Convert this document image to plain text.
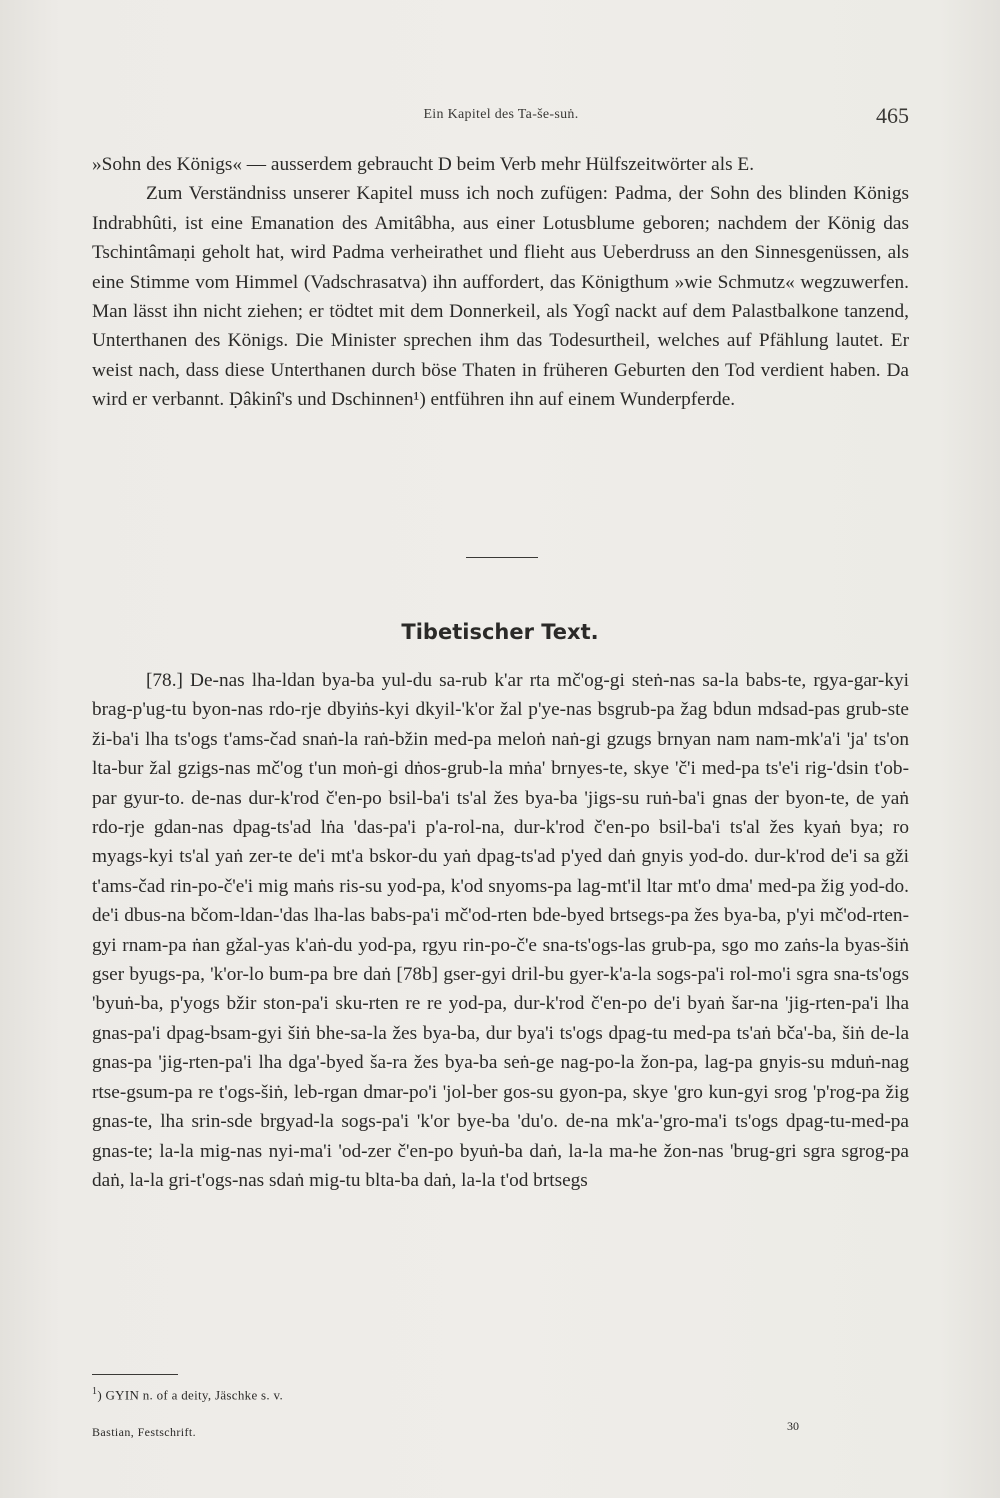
Ein Kapitel des Ta-še-suṅ.	465

»Sohn des Königs« — ausserdem gebraucht D beim Verb mehr Hülfszeitwörter als E.

Zum Verständniss unserer Kapitel muss ich noch zufügen: Padma, der Sohn des blinden Königs Indrabhûti, ist eine Emanation des Amitâbha, aus einer Lotusblume geboren; nachdem der König das Tschintâmaṇi geholt hat, wird Padma verheirathet und flieht aus Ueberdruss an den Sinnesgenüssen, als eine Stimme vom Himmel (Vadschrasatva) ihn auffordert, das Königthum »wie Schmutz« wegzuwerfen. Man lässt ihn nicht ziehen; er tödtet mit dem Donnerkeil, als Yogî nackt auf dem Palastbalkone tanzend, Unterthanen des Königs. Die Minister sprechen ihm das Todesurtheil, welches auf Pfählung lautet. Er weist nach, dass diese Unterthanen durch böse Thaten in früheren Geburten den Tod verdient haben. Da wird er verbannt. Ḍâkinî's und Dschinnen¹) entführen ihn auf einem Wunderpferde.

Tibetischer Text.

[78.] De-nas lha-ldan bya-ba yul-du sa-rub k'ar rta mč'og-gi steṅ-nas sa-la babs-te, rgya-gar-kyi brag-p'ug-tu byon-nas rdo-rje dbyiṅs-kyi dkyil-'k'or žal p'ye-nas bsgrub-pa žag bdun mdsad-pas grub-ste ži-ba'i lha ts'ogs t'ams-čad snaṅ-la raṅ-bžin med-pa meloṅ naṅ-gi gzugs brnyan nam nam-mk'a'i 'ja' ts'on lta-bur žal gzigs-nas mč'og t'un moṅ-gi dṅos-grub-la mṅa' brnyes-te, skye 'č'i med-pa ts'e'i rig-'dsin t'ob-par gyur-to. de-nas dur-k'rod č'en-po bsil-ba'i ts'al žes bya-ba 'jigs-su ruṅ-ba'i gnas der byon-te, de yaṅ rdo-rje gdan-nas dpag-ts'ad lṅa 'das-pa'i p'a-rol-na, dur-k'rod č'en-po bsil-ba'i ts'al žes kyaṅ bya; ro myags-kyi ts'al yaṅ zer-te de'i mt'a bskor-du yaṅ dpag-ts'ad p'yed daṅ gnyis yod-do. dur-k'rod de'i sa gži t'ams-čad rin-po-č'e'i mig maṅs ris-su yod-pa, k'od snyoms-pa lag-mt'il ltar mt'o dma' med-pa žig yod-do. de'i dbus-na bčom-ldan-'das lha-las babs-pa'i mč'od-rten bde-byed brtsegs-pa žes bya-ba, p'yi mč'od-rten-gyi rnam-pa ṅan gžal-yas k'aṅ-du yod-pa, rgyu rin-po-č'e sna-ts'ogs-las grub-pa, sgo mo zaṅs-la byas-šiṅ gser byugs-pa, 'k'or-lo bum-pa bre daṅ [78b] gser-gyi dril-bu gyer-k'a-la sogs-pa'i rol-mo'i sgra sna-ts'ogs 'byuṅ-ba, p'yogs bžir ston-pa'i sku-rten re re yod-pa, dur-k'rod č'en-po de'i byaṅ šar-na 'jig-rten-pa'i lha gnas-pa'i dpag-bsam-gyi šiṅ bhe-sa-la žes bya-ba, dur bya'i ts'ogs dpag-tu med-pa ts'aṅ bča'-ba, šiṅ de-la gnas-pa 'jig-rten-pa'i lha dga'-byed ša-ra žes bya-ba seṅ-ge nag-po-la žon-pa, lag-pa gnyis-su mduṅ-nag rtse-gsum-pa re t'ogs-šiṅ, leb-rgan dmar-po'i 'jol-ber gos-su gyon-pa, skye 'gro kun-gyi srog 'p'rog-pa žig gnas-te, lha srin-sde brgyad-la sogs-pa'i 'k'or bye-ba 'du'o. de-na mk'a-'gro-ma'i ts'ogs dpag-tu-med-pa gnas-te; la-la mig-nas nyi-ma'i 'od-zer č'en-po byuṅ-ba daṅ, la-la ma-he žon-nas 'brug-gri sgra sgrog-pa daṅ, la-la gri-t'ogs-nas sdaṅ mig-tu blta-ba daṅ, la-la t'od brtsegs

$^1$) GYIN n. of a deity, Jäschke s. v.
Bastian, Festschrift.	30
